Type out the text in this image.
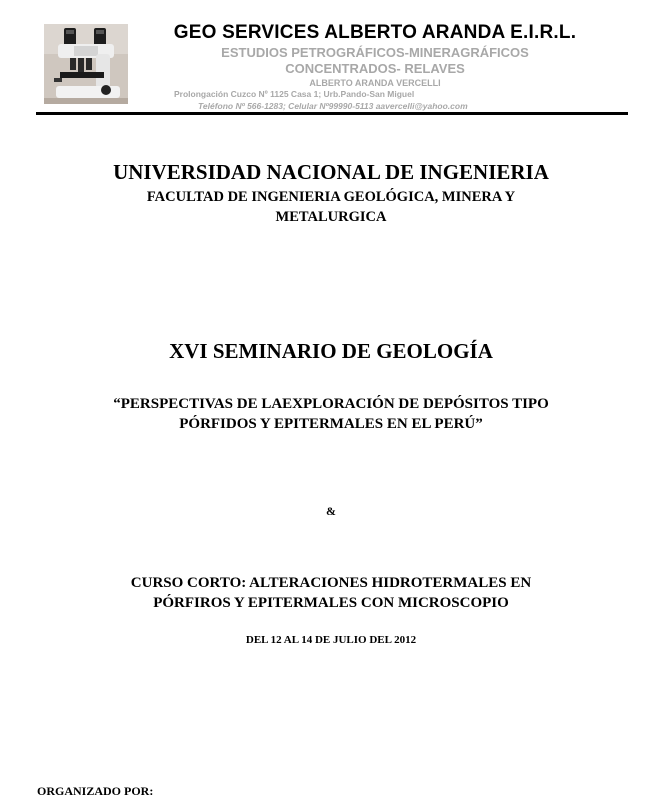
GEO SERVICES ALBERTO ARANDA E.I.R.L.
ESTUDIOS PETROGRÁFICOS-MINERAGRÁFICOS
CONCENTRADOS- RELAVES
ALBERTO ARANDA VERCELLI
Prolongación Cuzco Nº 1125 Casa 1; Urb.Pando-San Miguel
Teléfono Nº 566-1283; Celular Nº99990-5113 aavercelli@yahoo.com
UNIVERSIDAD NACIONAL DE INGENIERIA
FACULTAD DE INGENIERIA GEOLÓGICA, MINERA Y
METALURGICA
XVI SEMINARIO DE GEOLOGÍA
“PERSPECTIVAS DE LAEXPLORACIÓN DE DEPÓSITOS TIPO
PÓRFIDOS Y EPITERMALES EN EL PERÚ”
&
CURSO CORTO: ALTERACIONES HIDROTERMALES EN
PÓRFIROS Y EPITERMALES CON MICROSCOPIO
DEL 12 AL 14 DE JULIO DEL 2012
ORGANIZADO POR:
